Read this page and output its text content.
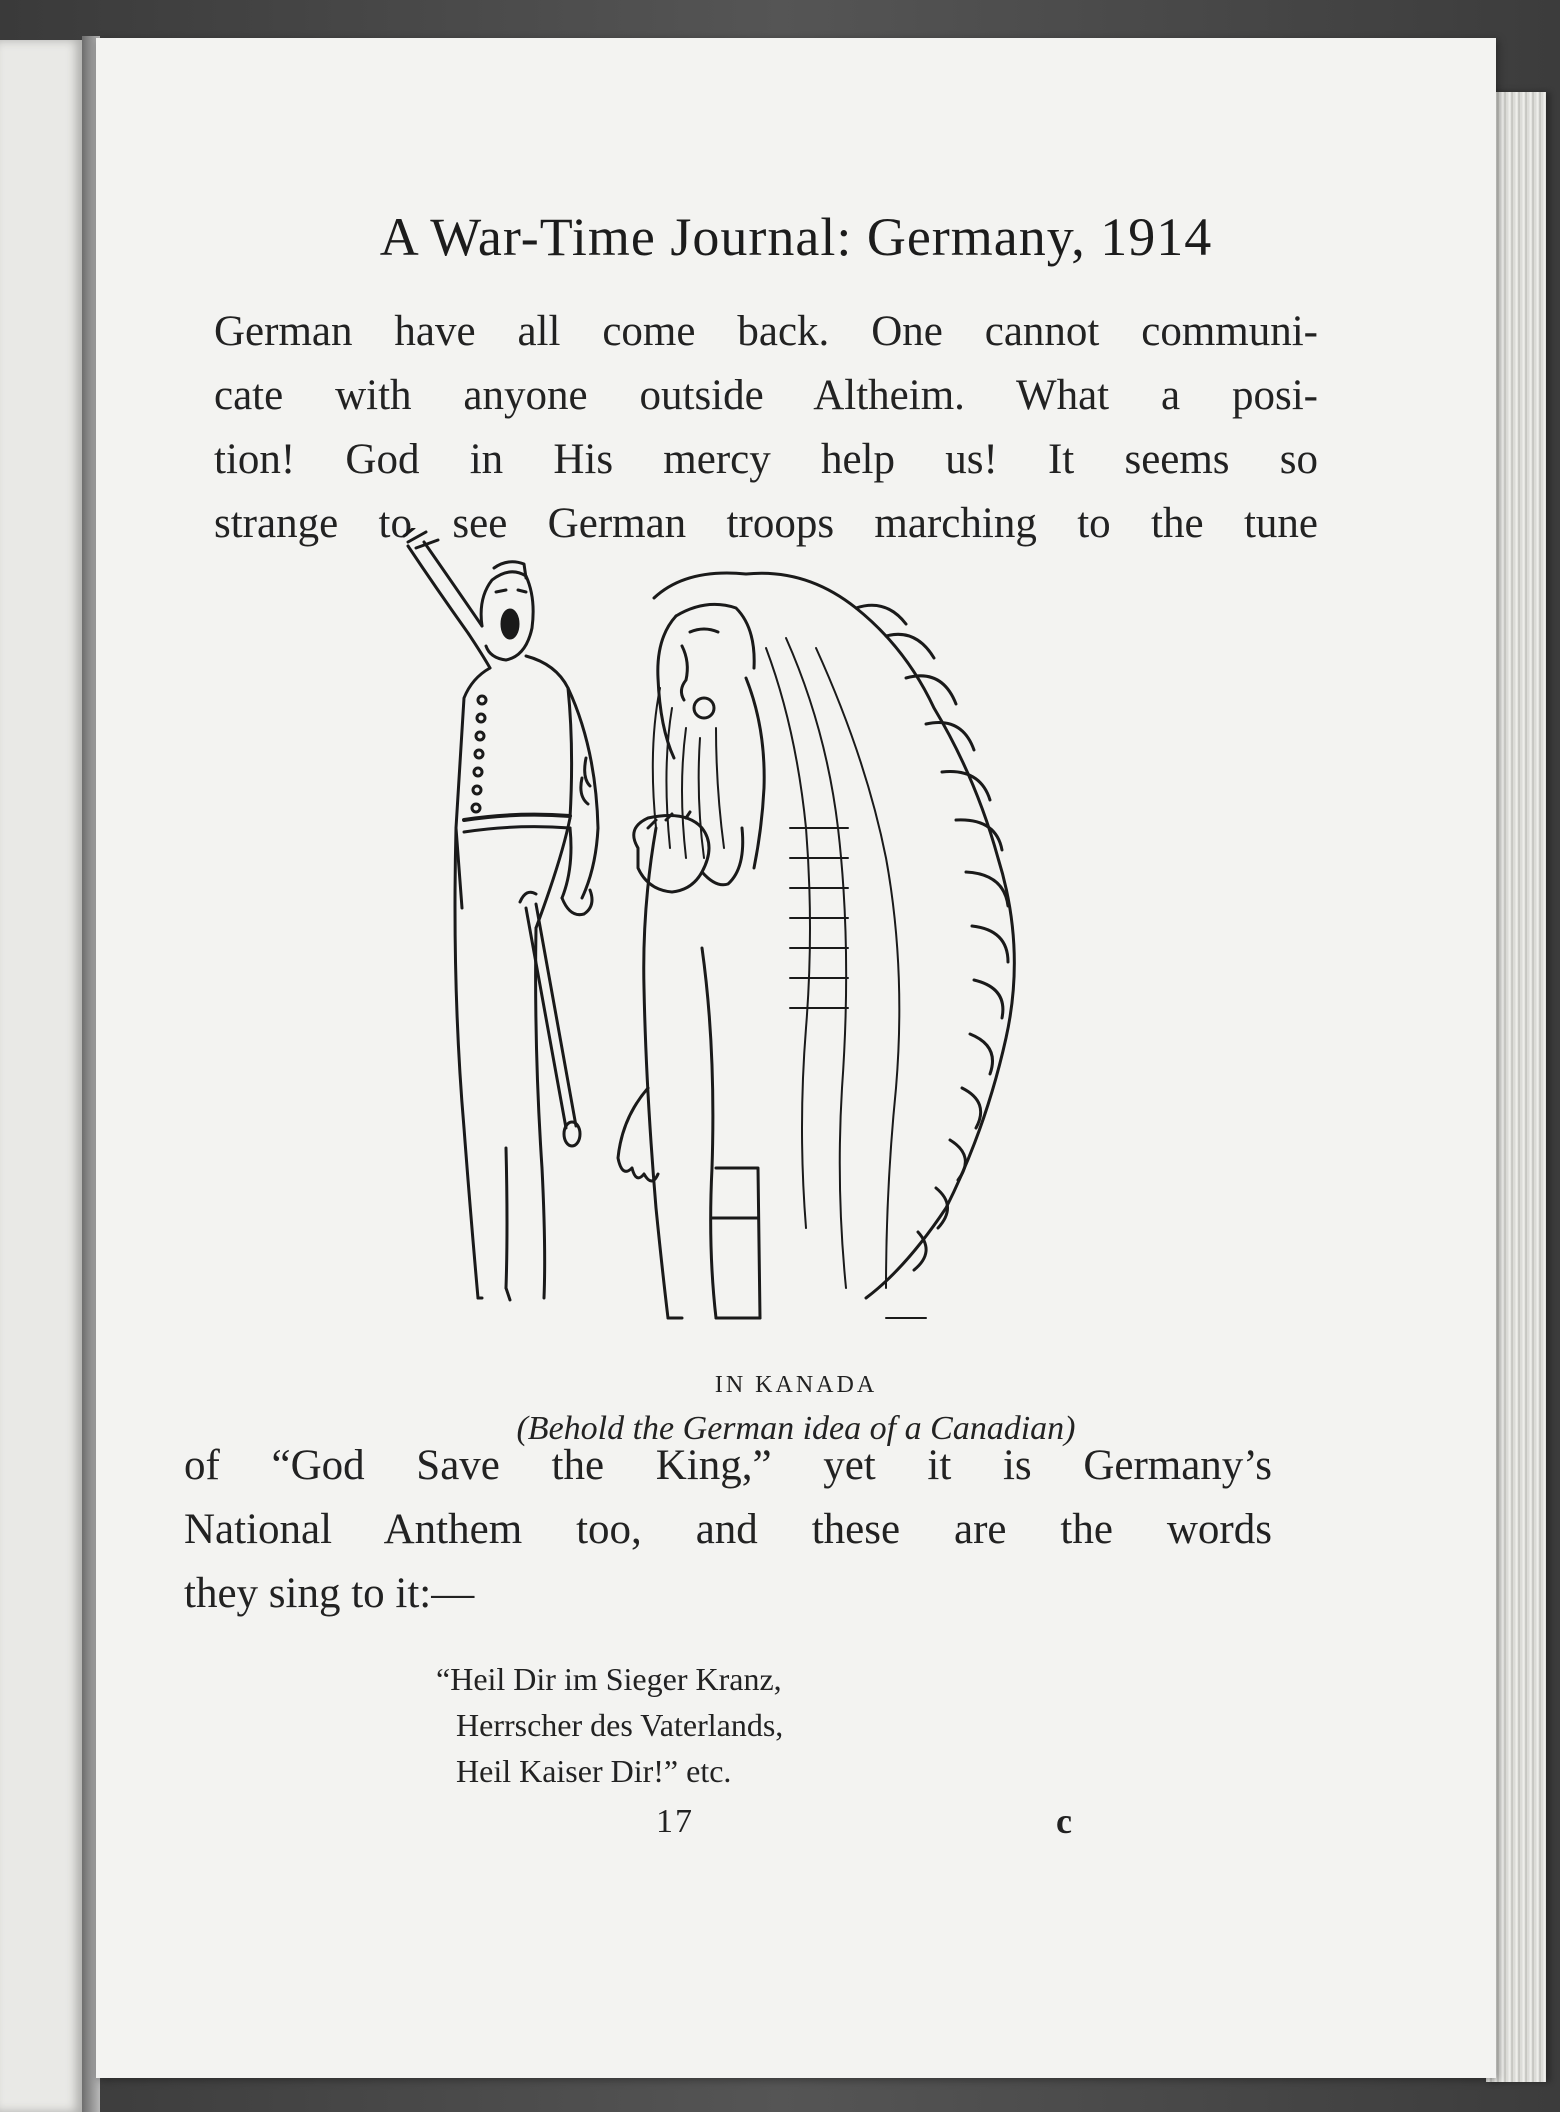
A War-Time Journal: Germany, 1914
German have all come back. One cannot communi-
cate with anyone outside Altheim. What a posi-
tion! God in His mercy help us! It seems so
strange to see German troops marching to the tune
IN KANADA
(Behold the German idea of a Canadian)
of “God Save the King,” yet it is Germany’s
National Anthem too, and these are the words
they sing to it:—
“Heil Dir im Sieger Kranz,
Herrscher des Vaterlands,
Heil Kaiser Dir!” etc.
17	c
